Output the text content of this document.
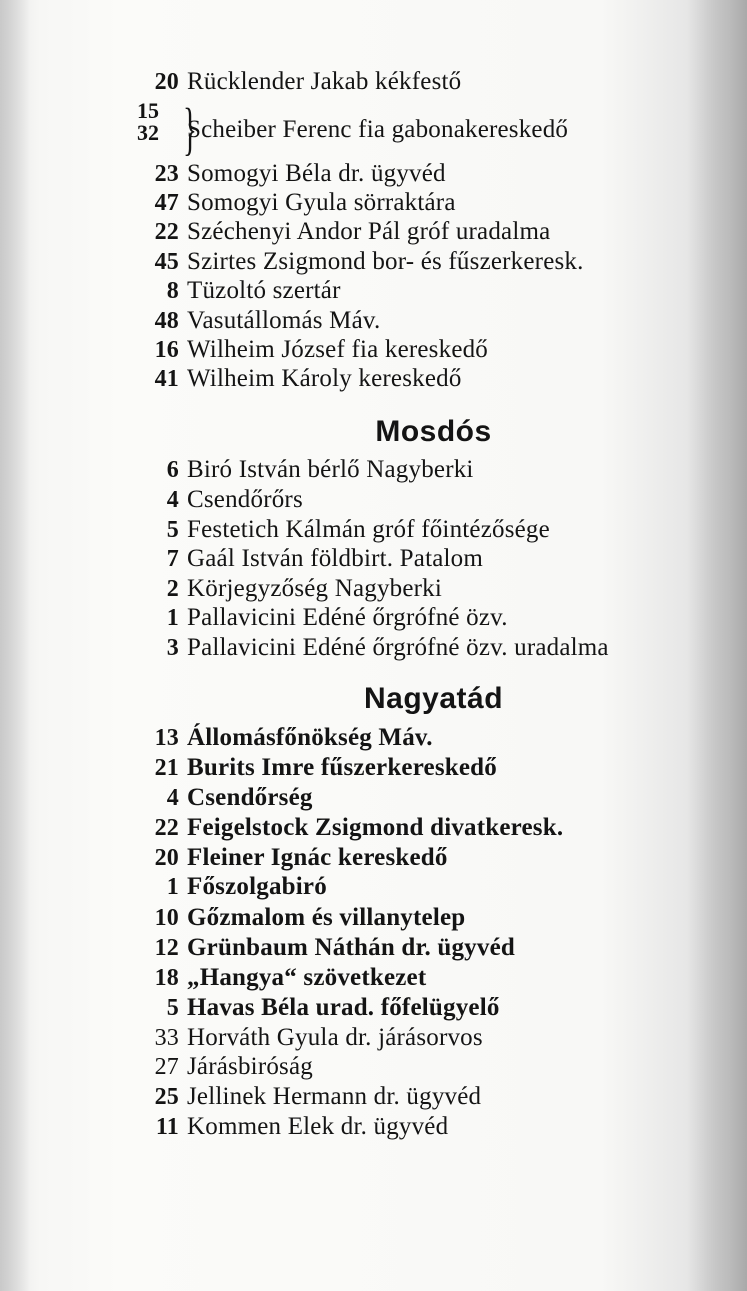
20 Rücklender Jakab kékfestő
15
32 }
Scheiber Ferenc fia gabonakereskedő
23 Somogyi Béla dr. ügyvéd
47 Somogyi Gyula sörraktára
22 Széchenyi Andor Pál gróf uradalma
45 Szirtes Zsigmond bor- és fűszerkeresk.
8 Tüzoltó szertár
48 Vasutállomás Máv.
16 Wilheim József fia kereskedő
41 Wilheim Károly kereskedő
Mosdós
6 Biró István bérlő Nagyberki
4 Csendőrőrs
5 Festetich Kálmán gróf főintézősége
7 Gaál István földbirt. Patalom
2 Körjegyzőség Nagyberki
1 Pallavicini Edéné őrgrófné özv.
3 Pallavicini Edéné őrgrófné özv. uradalma
Nagyatád
13 Állomásfőnökség Máv.
21 Burits Imre fűszerkereskedő
4 Csendőrség
22 Feigelstock Zsigmond divatkeresk.
20 Fleiner Ignác kereskedő
1 Főszolgabiró
10 Gőzmalom és villanytelep
12 Grünbaum Náthán dr. ügyvéd
18 „Hangya“ szövetkezet
5 Havas Béla urad. főfelügyelő
33 Horváth Gyula dr. járásorvos
27 Járásbiróság
25 Jellinek Hermann dr. ügyvéd
11 Kommen Elek dr. ügyvéd
